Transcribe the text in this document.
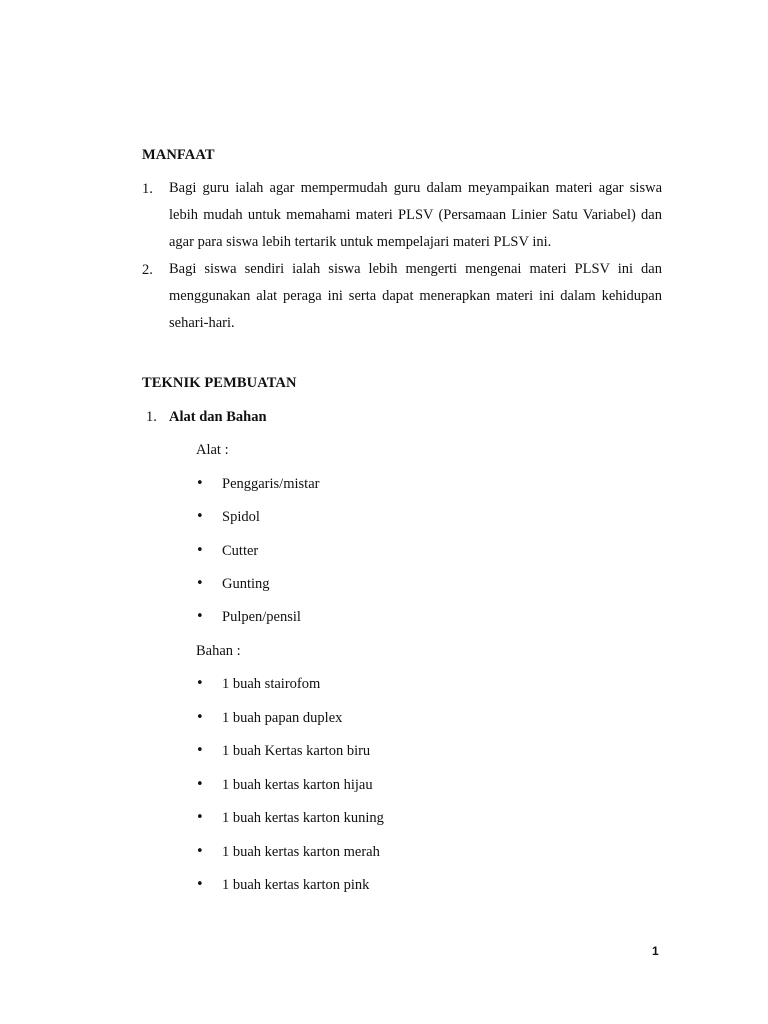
MANFAAT
1. Bagi guru ialah agar mempermudah guru dalam meyampaikan materi agar siswa lebih mudah untuk memahami materi PLSV (Persamaan Linier Satu Variabel) dan agar para siswa lebih tertarik untuk mempelajari materi PLSV ini.
2. Bagi siswa sendiri ialah siswa lebih mengerti mengenai materi PLSV ini dan menggunakan alat peraga ini serta dapat menerapkan materi ini dalam kehidupan sehari-hari.
TEKNIK PEMBUATAN
1. Alat dan Bahan
Alat :
• Penggaris/mistar
• Spidol
• Cutter
• Gunting
• Pulpen/pensil
Bahan :
• 1 buah stairofom
• 1 buah papan duplex
• 1 buah Kertas karton biru
• 1 buah kertas karton hijau
• 1 buah kertas karton kuning
• 1 buah kertas karton merah
• 1 buah kertas karton pink
1
